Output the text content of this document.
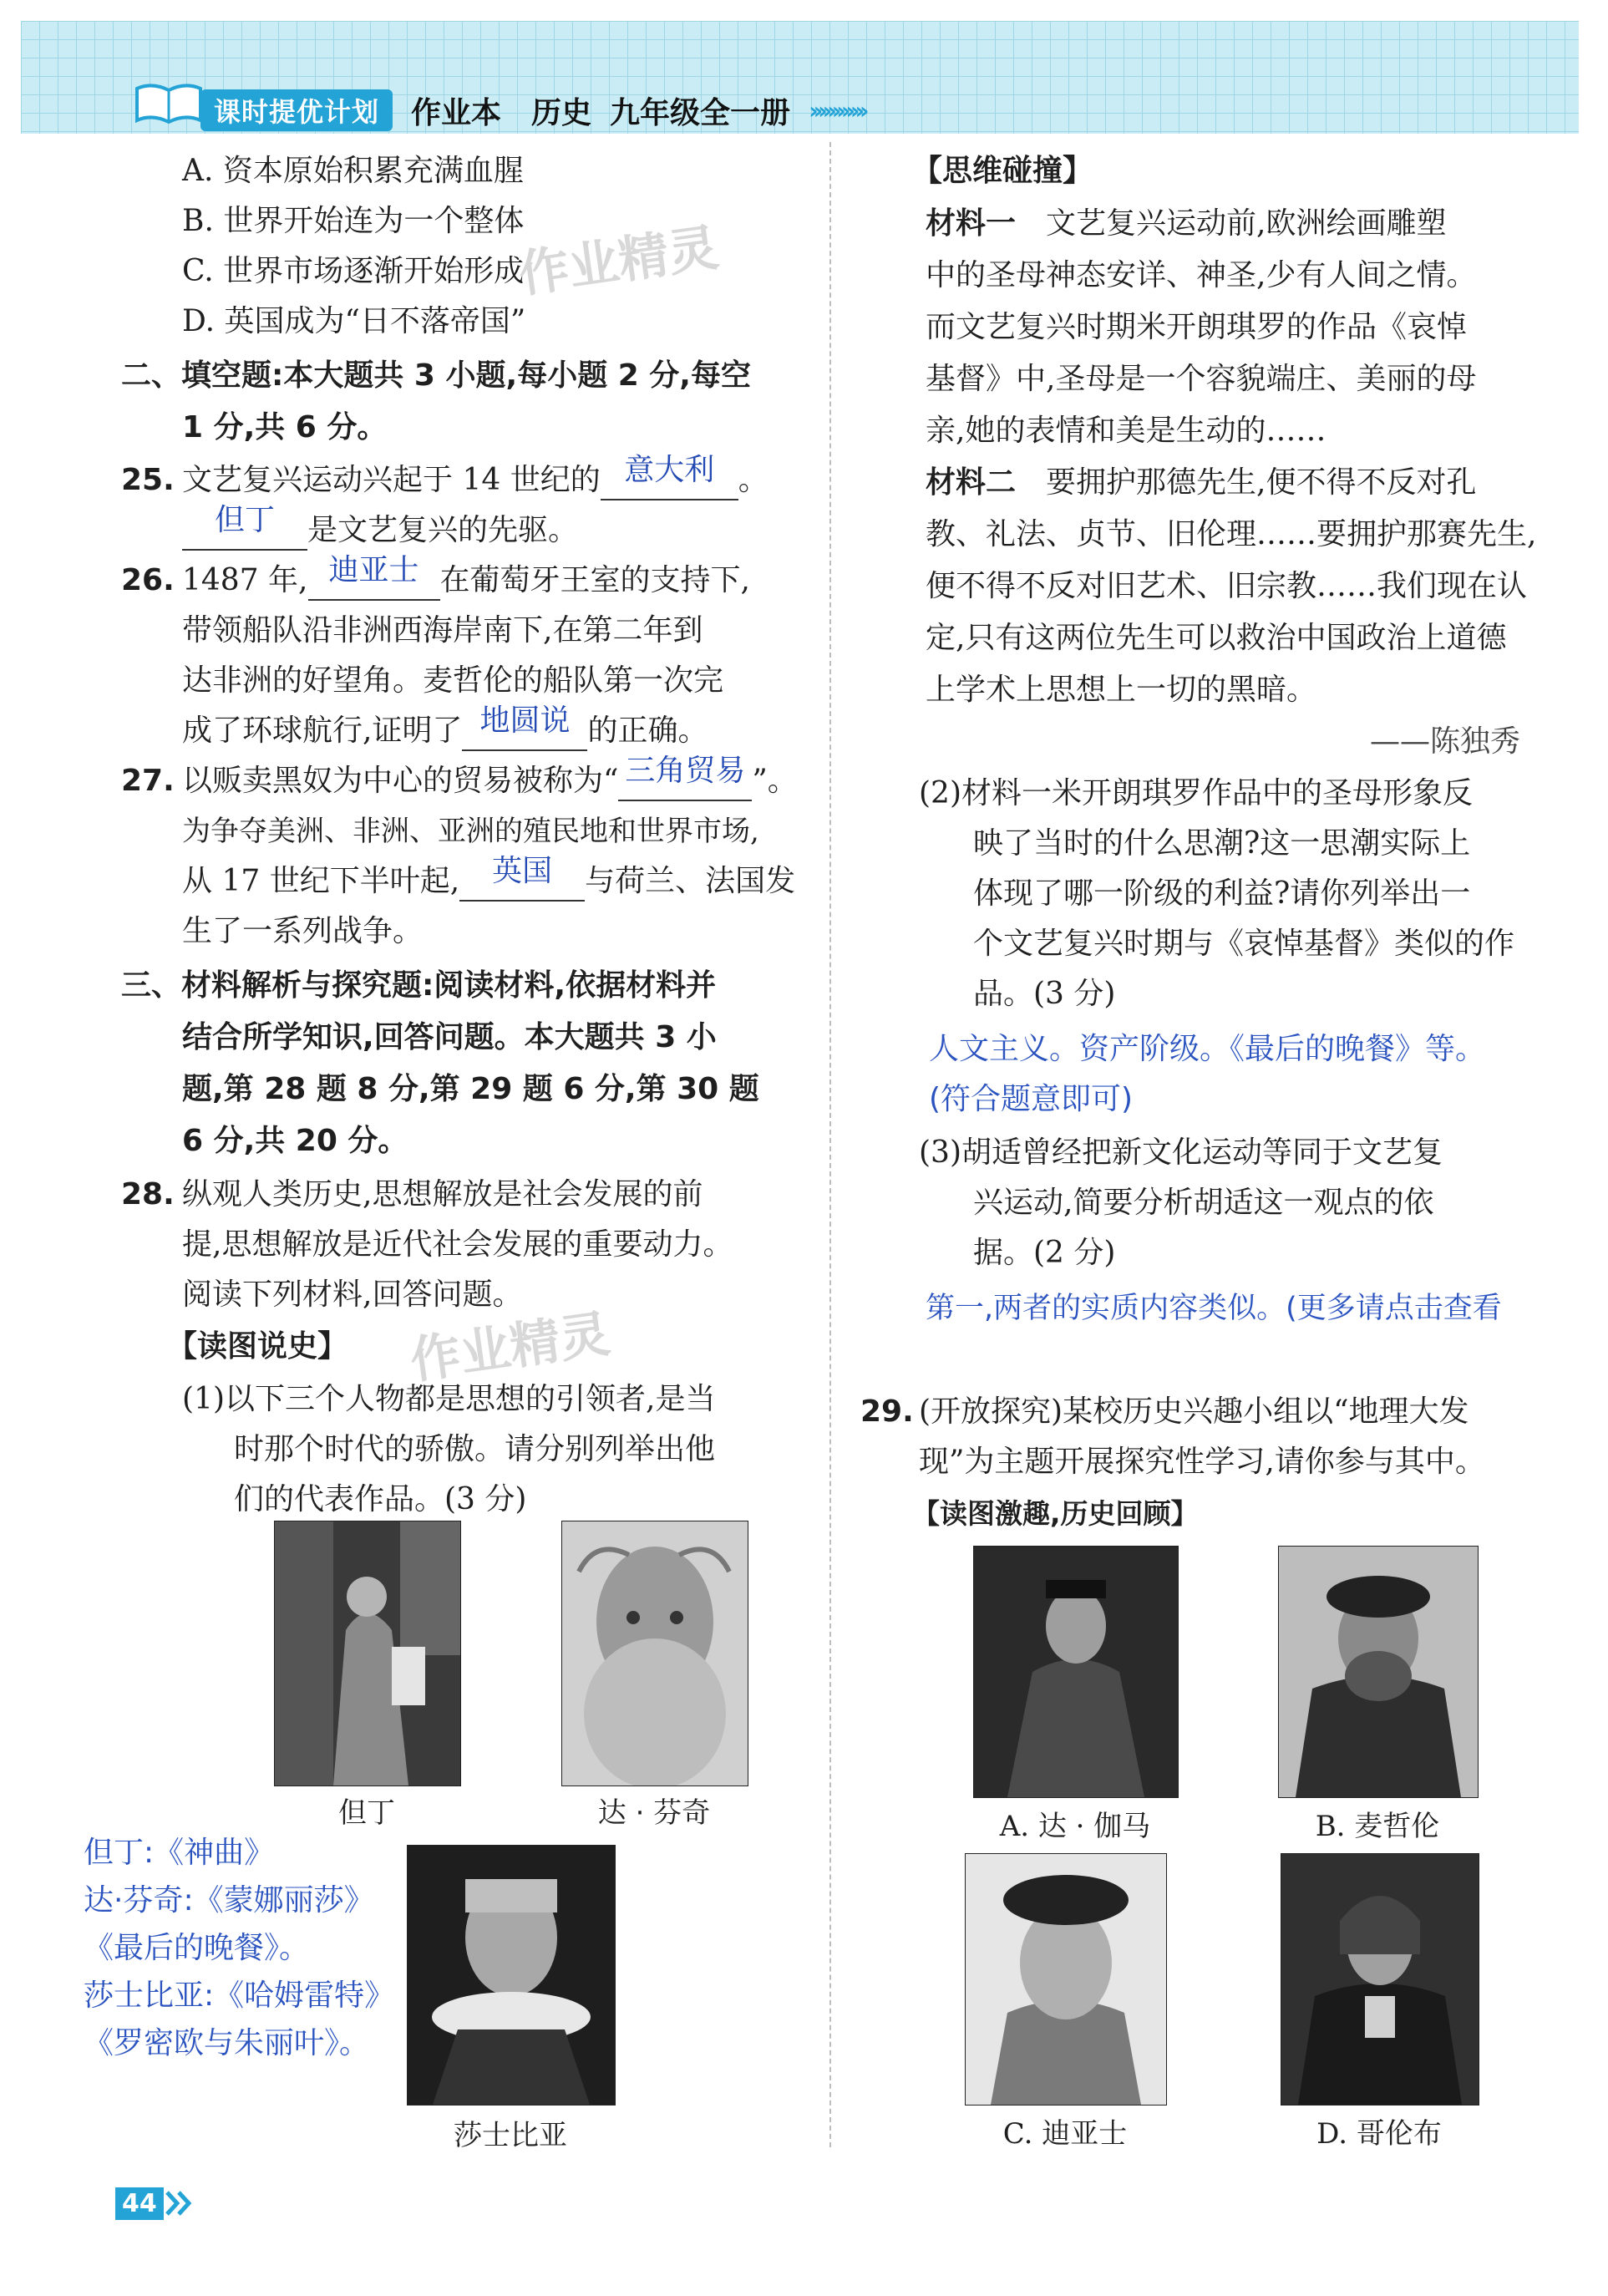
课时提优计划	作业本 历史 九年级全一册 ››››››››››››
作业精灵
作业精灵
A. 资本原始积累充满血腥
B. 世界开始连为一个整体
C. 世界市场逐渐开始形成
D. 英国成为“日不落帝国”
二、填空题:本大题共 3 小题,每小题 2 分,每空
1 分,共 6 分。
25. 文艺复兴运动兴起于 14 世纪的 意大利 。
但丁 是文艺复兴的先驱。
26. 1487 年, 迪亚士 在葡萄牙王室的支持下,
带领船队沿非洲西海岸南下,在第二年到
达非洲的好望角。麦哲伦的船队第一次完
成了环球航行,证明了 地圆说 的正确。
27. 以贩卖黑奴为中心的贸易被称为“ 三角贸易 ”。
为争夺美洲、非洲、亚洲的殖民地和世界市场,
从 17 世纪下半叶起, 英国 与荷兰、法国发
生了一系列战争。
三、材料解析与探究题:阅读材料,依据材料并
结合所学知识,回答问题。本大题共 3 小
题,第 28 题 8 分,第 29 题 6 分,第 30 题
6 分,共 20 分。
28. 纵观人类历史,思想解放是社会发展的前
提,思想解放是近代社会发展的重要动力。
阅读下列材料,回答问题。
【读图说史】
(1)以下三个人物都是思想的引领者,是当
时那个时代的骄傲。请分别列举出他
们的代表作品。(3 分)
但丁	达 · 芬奇
莎士比亚
但丁:《神曲》
达·芬奇:《蒙娜丽莎》
《最后的晚餐》。
莎士比亚:《哈姆雷特》
《罗密欧与朱丽叶》。
44
【思维碰撞】
材料一 文艺复兴运动前,欧洲绘画雕塑
中的圣母神态安详、神圣,少有人间之情。
而文艺复兴时期米开朗琪罗的作品《哀悼
基督》中,圣母是一个容貌端庄、美丽的母
亲,她的表情和美是生动的……
材料二 要拥护那德先生,便不得不反对孔
教、礼法、贞节、旧伦理……要拥护那赛先生,
便不得不反对旧艺术、旧宗教……我们现在认
定,只有这两位先生可以救治中国政治上道德
上学术上思想上一切的黑暗。
——陈独秀
(2)材料一米开朗琪罗作品中的圣母形象反
映了当时的什么思潮?这一思潮实际上
体现了哪一阶级的利益?请你列举出一
个文艺复兴时期与《哀悼基督》类似的作
品。(3 分)
人文主义。资产阶级。《最后的晚餐》等。
(符合题意即可)
(3)胡适曾经把新文化运动等同于文艺复
兴运动,简要分析胡适这一观点的依
据。(2 分)
第一,两者的实质内容类似。(更多请点击查看
29. (开放探究)某校历史兴趣小组以“地理大发
现”为主题开展探究性学习,请你参与其中。
【读图激趣,历史回顾】
A. 达 · 伽马	B. 麦哲伦
C. 迪亚士	D. 哥伦布
